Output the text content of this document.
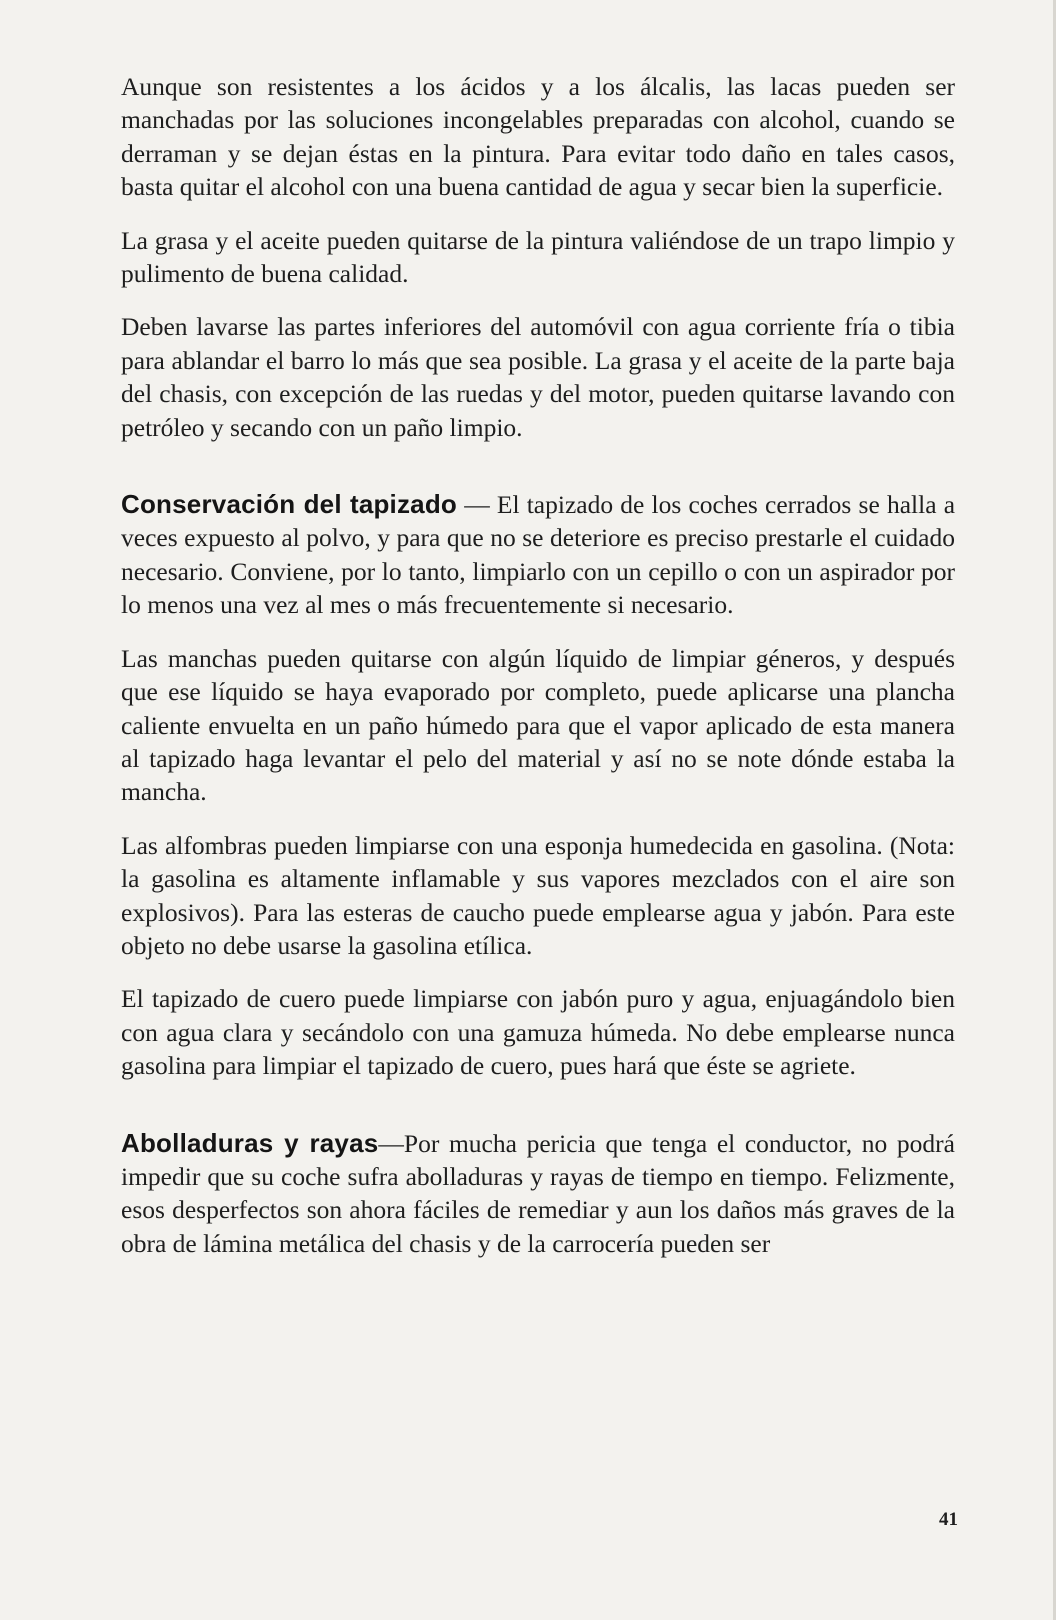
Aunque son resistentes a los ácidos y a los álcalis, las lacas pueden ser manchadas por las soluciones incongelables preparadas con alcohol, cuando se derraman y se dejan éstas en la pintura. Para evitar todo daño en tales casos, basta quitar el alcohol con una buena cantidad de agua y secar bien la superficie.

La grasa y el aceite pueden quitarse de la pintura valiéndose de un trapo limpio y pulimento de buena calidad.

Deben lavarse las partes inferiores del automóvil con agua corriente fría o tibia para ablandar el barro lo más que sea posible. La grasa y el aceite de la parte baja del chasis, con excepción de las ruedas y del motor, pueden quitarse lavando con petróleo y secando con un paño limpio.

Conservación del tapizado — El tapizado de los coches cerrados se halla a veces expuesto al polvo, y para que no se deteriore es preciso prestarle el cuidado necesario. Conviene, por lo tanto, limpiarlo con un cepillo o con un aspirador por lo menos una vez al mes o más frecuentemente si necesario.

Las manchas pueden quitarse con algún líquido de limpiar géneros, y después que ese líquido se haya evaporado por completo, puede aplicarse una plancha caliente envuelta en un paño húmedo para que el vapor aplicado de esta manera al tapizado haga levantar el pelo del material y así no se note dónde estaba la mancha.

Las alfombras pueden limpiarse con una esponja humedecida en gasolina. (Nota: la gasolina es altamente inflamable y sus vapores mezclados con el aire son explosivos). Para las esteras de caucho puede emplearse agua y jabón. Para este objeto no debe usarse la gasolina etílica.

El tapizado de cuero puede limpiarse con jabón puro y agua, enjuagándolo bien con agua clara y secándolo con una gamuza húmeda. No debe emplearse nunca gasolina para limpiar el tapizado de cuero, pues hará que éste se agriete.

Abolladuras y rayas—Por mucha pericia que tenga el conductor, no podrá impedir que su coche sufra abolladuras y rayas de tiempo en tiempo. Felizmente, esos desperfectos son ahora fáciles de remediar y aun los daños más graves de la obra de lámina metálica del chasis y de la carrocería pueden ser

41
